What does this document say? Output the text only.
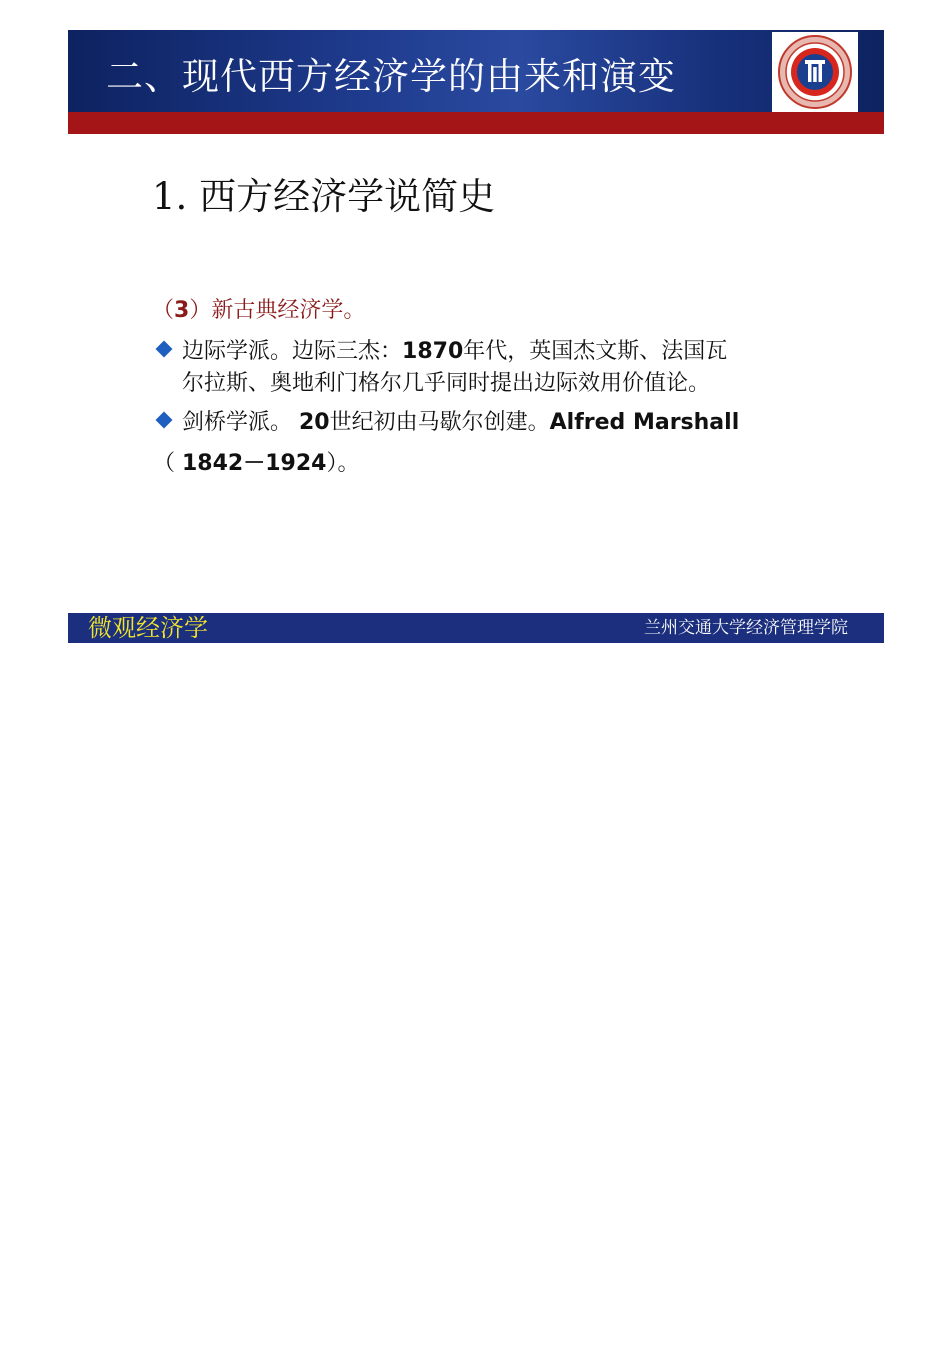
二、现代西方经济学的由来和演变
1. 西方经济学说简史
（3）新古典经济学。
边际学派。边际三杰：1870年代，英国杰文斯、法国瓦
尔拉斯、奥地利门格尔几乎同时提出边际效用价值论。
剑桥学派。 20世纪初由马歇尔创建。Alfred Marshall
（ 1842－1924）。
微观经济学	兰州交通大学经济管理学院
